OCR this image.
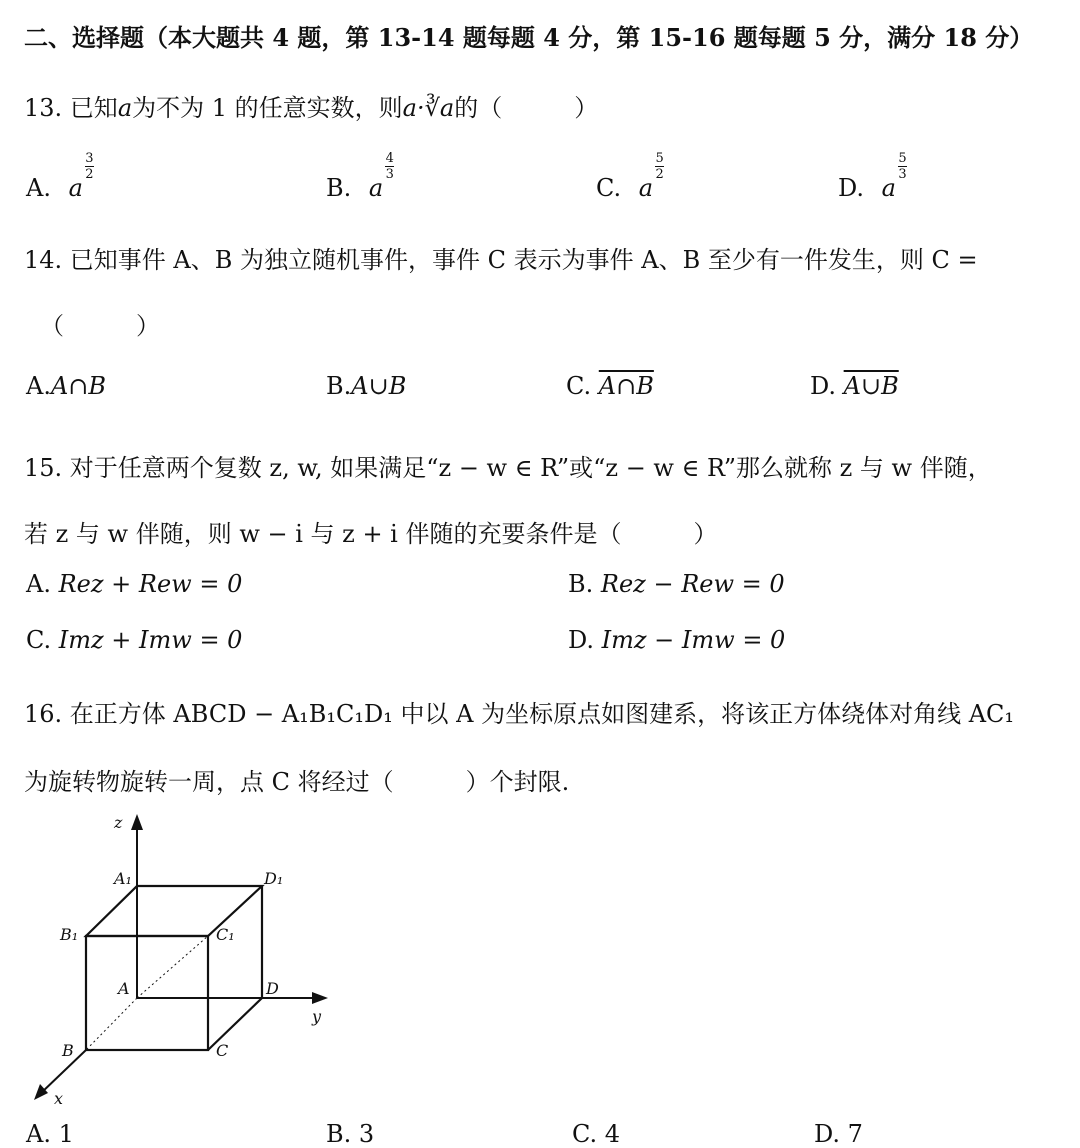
二、选择题（本大题共 4 题，第 13-14 题每题 4 分，第 15-16 题每题 5 分，满分 18 分）
13. 已知a为不为 1 的任意实数，则a·∛a的（　　　）
A. a
3
2	B. a
4
3	C. a
5
2	D. a
5
3
14. 已知事件 A、B 为独立随机事件，事件 C 表示为事件 A、B 至少有一件发生，则 C =
（　　　）
A.A∩B	B.A∪B	C. A∩B	D. A∪B
15. 对于任意两个复数 z, w, 如果满足“z − w ∈ R”或“z − w ∈ R”那么就称 z 与 w 伴随，
若 z 与 w 伴随，则 w − i 与 z + i 伴随的充要条件是（　　　）
A. Rez + Rew = 0	B. Rez − Rew = 0
C. Imz + Imw = 0	D. Imz − Imw = 0
16. 在正方体 ABCD − A₁B₁C₁D₁ 中以 A 为坐标原点如图建系，将该正方体绕体对角线 AC₁
为旋转物旋转一周，点 C 将经过（　　　）个封限.
z
y
x
A₁	D₁
B₁	C₁
A	D
B	C
A. 1	B. 3	C. 4	D. 7
